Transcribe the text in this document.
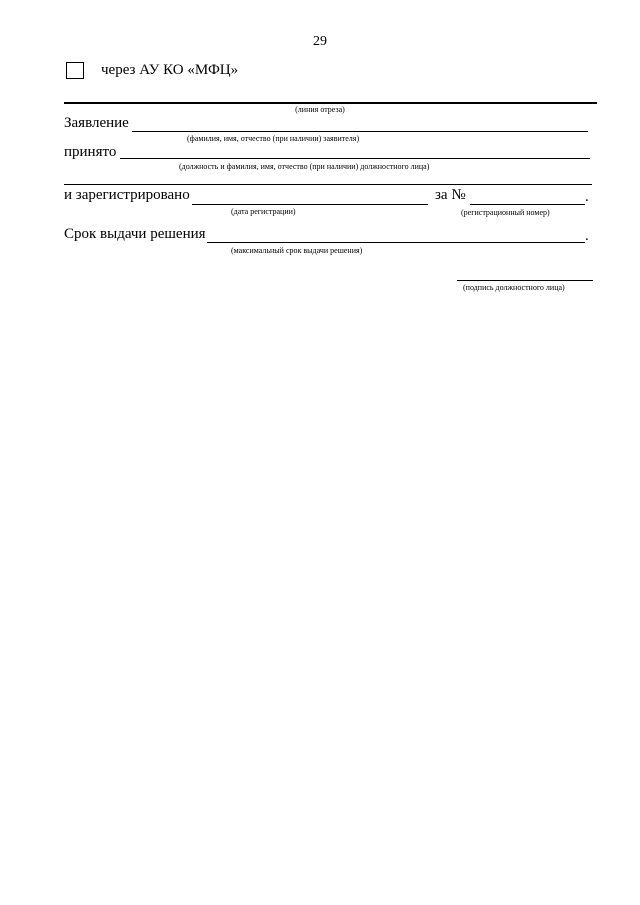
29
через АУ КО «МФЦ»
(линия отреза)
Заявление
(фамилия, имя, отчество (при наличии) заявителя)
принято
(должность и фамилия, имя, отчество (при наличии) должностного лица)
и зарегистрировано
(дата регистрации)
за №	.
(регистрационный номер)
Срок выдачи решения	.
(максимальный срок выдачи решения)
(подпись должностного лица)
